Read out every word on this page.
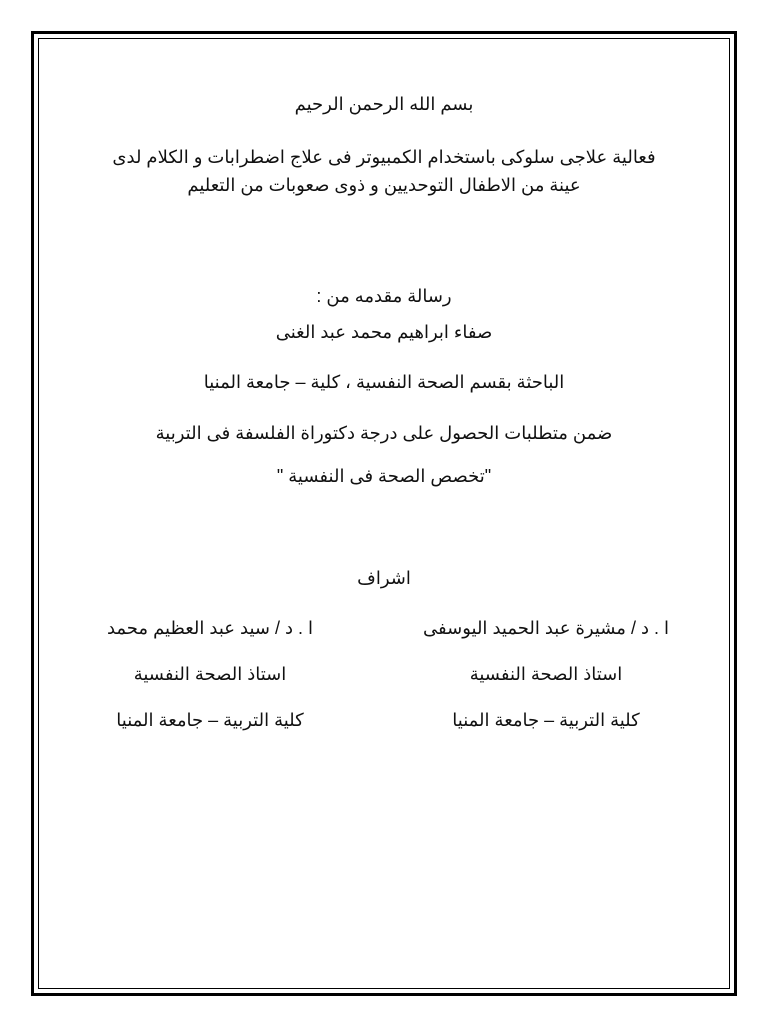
بسم الله الرحمن الرحيم
فعالية علاجى سلوكى باستخدام الكمبيوتر فى علاج اضطرابات و الكلام لدى
عينة من الاطفال التوحديين و ذوى صعوبات من التعليم
رسالة مقدمه من :
صفاء ابراهيم محمد عبد الغنى
الباحثة بقسم الصحة النفسية ، كلية – جامعة المنيا
ضمن متطلبات الحصول على درجة دكتوراة الفلسفة فى التربية
"تخصص الصحة فى النفسية "
اشراف
ا . د / مشيرة عبد الحميد اليوسفى
ا . د / سيد عبد العظيم محمد
استاذ الصحة النفسية
استاذ الصحة النفسية
كلية التربية – جامعة المنيا
كلية التربية – جامعة المنيا
